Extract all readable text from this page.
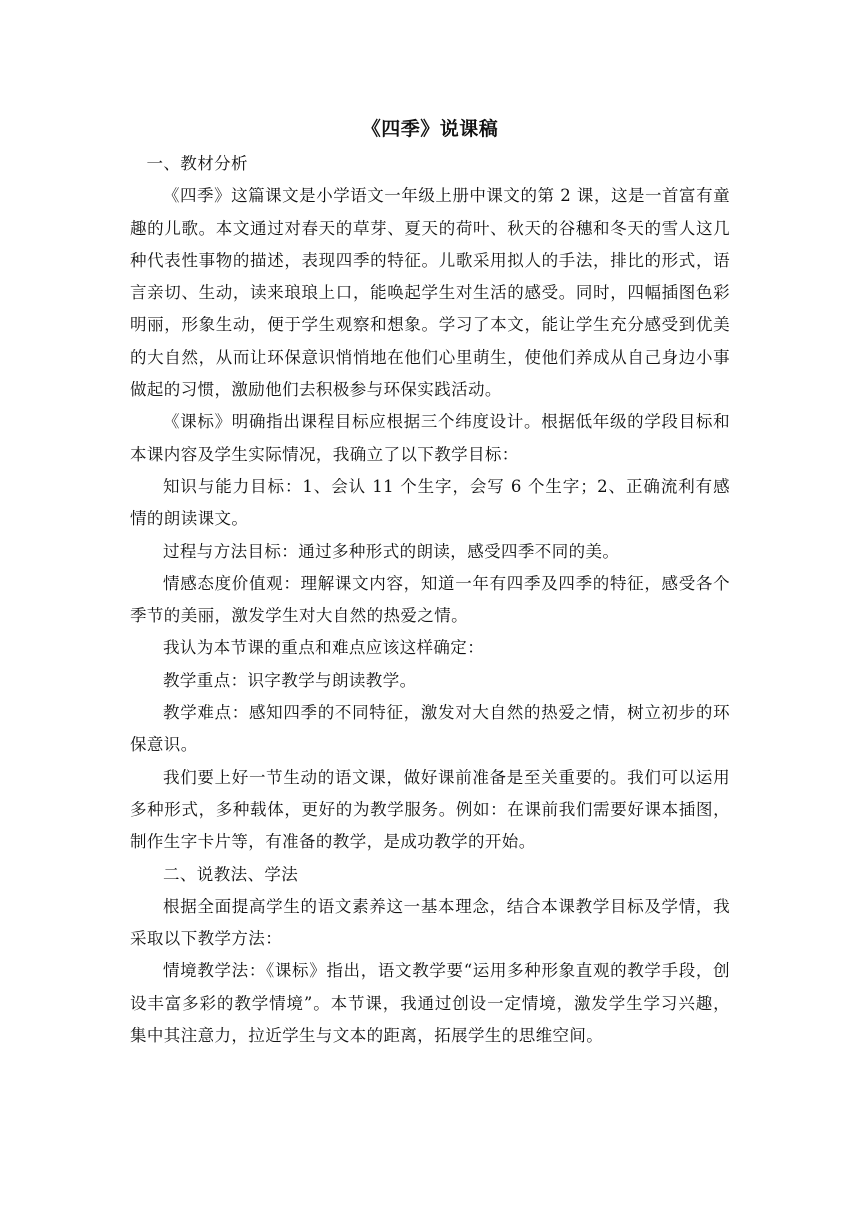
《四季》说课稿

一、教材分析

《四季》这篇课文是小学语文一年级上册中课文的第 2 课，这是一首富有童趣的儿歌。本文通过对春天的草芽、夏天的荷叶、秋天的谷穗和冬天的雪人这几种代表性事物的描述，表现四季的特征。儿歌采用拟人的手法，排比的形式，语言亲切、生动，读来琅琅上口，能唤起学生对生活的感受。同时，四幅插图色彩明丽，形象生动，便于学生观察和想象。学习了本文，能让学生充分感受到优美的大自然，从而让环保意识悄悄地在他们心里萌生，使他们养成从自己身边小事做起的习惯，激励他们去积极参与环保实践活动。

《课标》明确指出课程目标应根据三个纬度设计。根据低年级的学段目标和本课内容及学生实际情况，我确立了以下教学目标：

知识与能力目标：1、会认 11 个生字，会写 6 个生字；2、正确流利有感情的朗读课文。

过程与方法目标：通过多种形式的朗读，感受四季不同的美。

情感态度价值观：理解课文内容，知道一年有四季及四季的特征，感受各个季节的美丽，激发学生对大自然的热爱之情。

我认为本节课的重点和难点应该这样确定：

教学重点：识字教学与朗读教学。

教学难点：感知四季的不同特征，激发对大自然的热爱之情，树立初步的环保意识。

我们要上好一节生动的语文课，做好课前准备是至关重要的。我们可以运用多种形式，多种载体，更好的为教学服务。例如：在课前我们需要好课本插图，制作生字卡片等，有准备的教学，是成功教学的开始。

二、说教法、学法

根据全面提高学生的语文素养这一基本理念，结合本课教学目标及学情，我采取以下教学方法：

情境教学法：《课标》指出，语文教学要“运用多种形象直观的教学手段，创设丰富多彩的教学情境”。本节课，我通过创设一定情境，激发学生学习兴趣，集中其注意力，拉近学生与文本的距离，拓展学生的思维空间。
